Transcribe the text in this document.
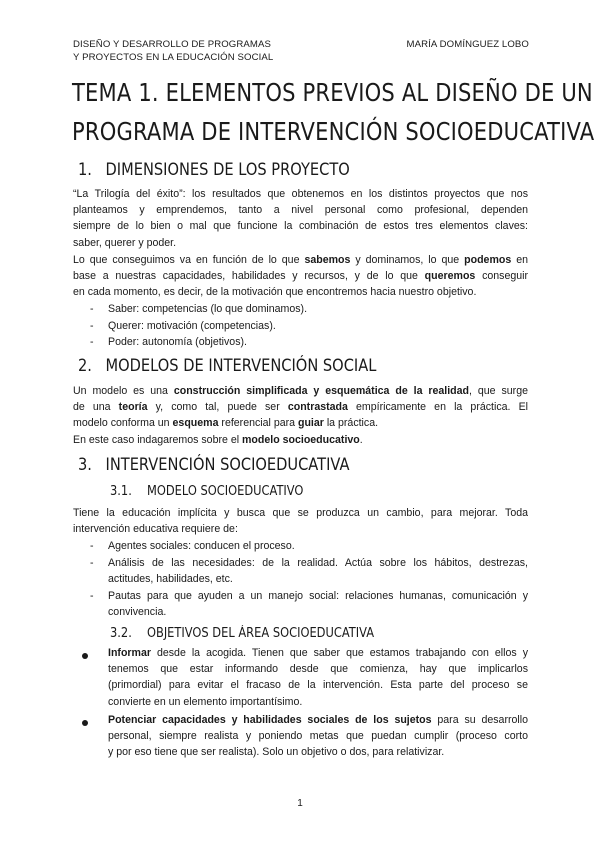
DISEÑO Y DESARROLLO DE PROGRAMAS
Y PROYECTOS EN LA EDUCACIÓN SOCIAL
MARÍA DOMÍNGUEZ LOBO
TEMA 1. ELEMENTOS PREVIOS AL DISEÑO DE UN
PROGRAMA DE INTERVENCIÓN SOCIOEDUCATIVA
1. DIMENSIONES DE LOS PROYECTO
“La Trilogía del éxito”: los resultados que obtenemos en los distintos proyectos que nos
planteamos y emprendemos, tanto a nivel personal como profesional, dependen
siempre de lo bien o mal que funcione la combinación de estos tres elementos claves:
saber, querer y poder.
Lo que conseguimos va en función de lo que sabemos y dominamos, lo que podemos en
base a nuestras capacidades, habilidades y recursos, y de lo que queremos conseguir
en cada momento, es decir, de la motivación que encontremos hacia nuestro objetivo.
- Saber: competencias (lo que dominamos).
- Querer: motivación (competencias).
- Poder: autonomía (objetivos).
2. MODELOS DE INTERVENCIÓN SOCIAL
Un modelo es una construcción simplificada y esquemática de la realidad, que surge
de una teoría y, como tal, puede ser contrastada empíricamente en la práctica. El
modelo conforma un esquema referencial para guiar la práctica.
En este caso indagaremos sobre el modelo socioeducativo.
3. INTERVENCIÓN SOCIOEDUCATIVA
3.1. MODELO SOCIOEDUCATIVO
Tiene la educación implícita y busca que se produzca un cambio, para mejorar. Toda
intervención educativa requiere de:
- Agentes sociales: conducen el proceso.
- Análisis de las necesidades: de la realidad. Actúa sobre los hábitos, destrezas,
actitudes, habilidades, etc.
- Pautas para que ayuden a un manejo social: relaciones humanas, comunicación y
convivencia.
3.2. OBJETIVOS DEL ÁREA SOCIOEDUCATIVA
Informar desde la acogida. Tienen que saber que estamos trabajando con ellos y
tenemos que estar informando desde que comienza, hay que implicarlos
(primordial) para evitar el fracaso de la intervención. Esta parte del proceso se
convierte en un elemento importantísimo.
Potenciar capacidades y habilidades sociales de los sujetos para su desarrollo
personal, siempre realista y poniendo metas que puedan cumplir (proceso corto
y por eso tiene que ser realista). Solo un objetivo o dos, para relativizar.
1
